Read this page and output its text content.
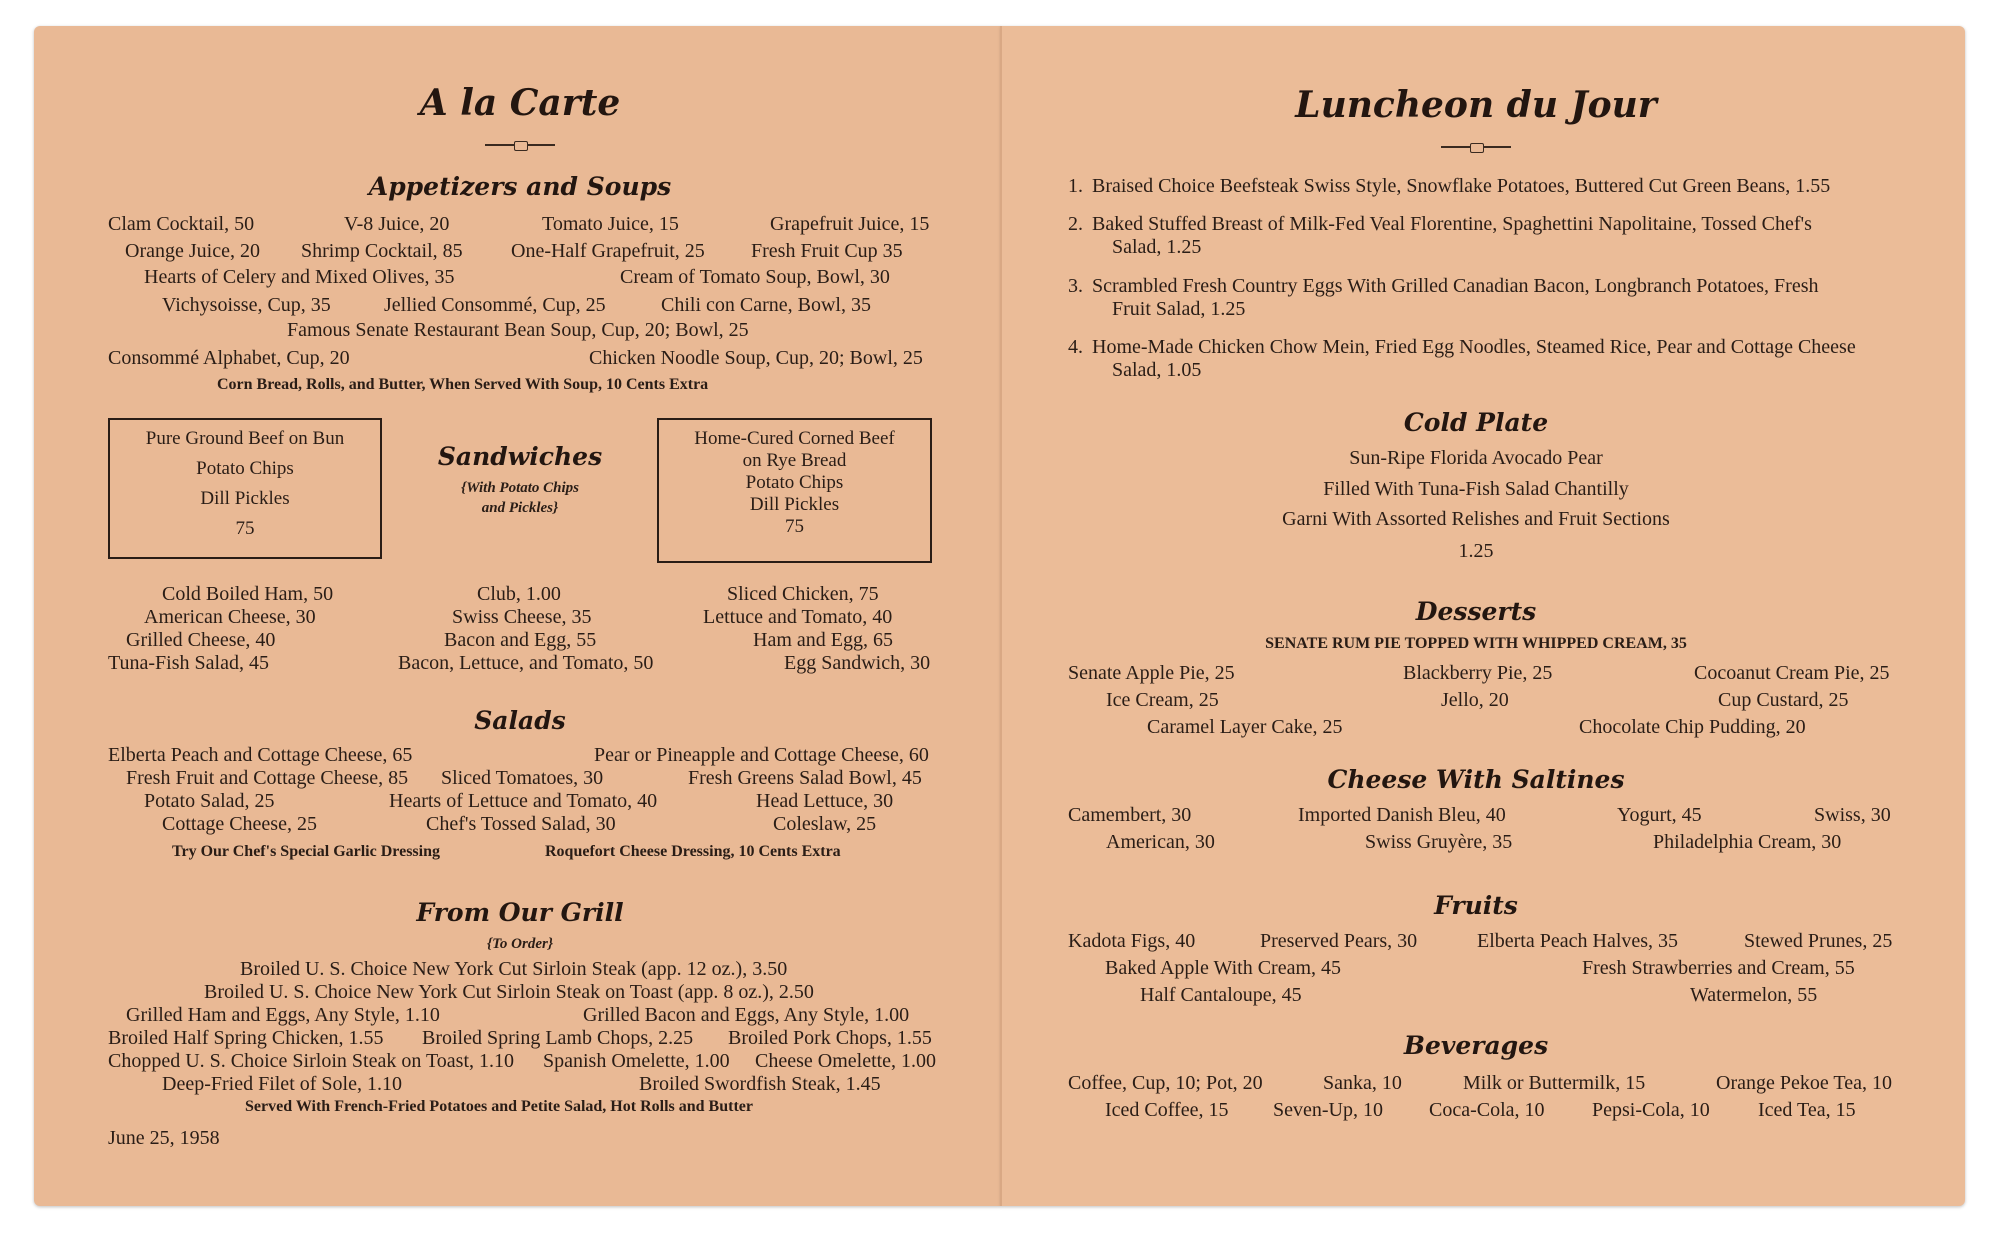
A la Carte
Appetizers and Soups
Clam Cocktail, 50	V-8 Juice, 20	Tomato Juice, 15	Grapefruit Juice, 15
Orange Juice, 20 Shrimp Cocktail, 85 One-Half Grapefruit, 25 Fresh Fruit Cup 35
Hearts of Celery and Mixed Olives, 35	Cream of Tomato Soup, Bowl, 30
Vichysoisse, Cup, 35	Jellied Consommé, Cup, 25	Chili con Carne, Bowl, 35
Famous Senate Restaurant Bean Soup, Cup, 20; Bowl, 25
Consommé Alphabet, Cup, 20	Chicken Noodle Soup, Cup, 20; Bowl, 25
Corn Bread, Rolls, and Butter, When Served With Soup, 10 Cents Extra
Pure Ground Beef on Bun
Potato Chips
Dill Pickles
75
Home-Cured Corned Beef
on Rye Bread
Potato Chips
Dill Pickles
75
Sandwiches
{With Potato Chips
and Pickles}
Cold Boiled Ham, 50	Club, 1.00	Sliced Chicken, 75
American Cheese, 30	Swiss Cheese, 35	Lettuce and Tomato, 40
Grilled Cheese, 40	Bacon and Egg, 55	Ham and Egg, 65
Tuna-Fish Salad, 45	Bacon, Lettuce, and Tomato, 50	Egg Sandwich, 30
Salads
Elberta Peach and Cottage Cheese, 65	Pear or Pineapple and Cottage Cheese, 60
Fresh Fruit and Cottage Cheese, 85 Sliced Tomatoes, 30	Fresh Greens Salad Bowl, 45
Potato Salad, 25	Hearts of Lettuce and Tomato, 40	Head Lettuce, 30
Cottage Cheese, 25	Chef's Tossed Salad, 30	Coleslaw, 25
Try Our Chef's Special Garlic Dressing	Roquefort Cheese Dressing, 10 Cents Extra
From Our Grill
{To Order}
Broiled U. S. Choice New York Cut Sirloin Steak (app. 12 oz.), 3.50
Broiled U. S. Choice New York Cut Sirloin Steak on Toast (app. 8 oz.), 2.50
Grilled Ham and Eggs, Any Style, 1.10	Grilled Bacon and Eggs, Any Style, 1.00
Broiled Half Spring Chicken, 1.55 Broiled Spring Lamb Chops, 2.25 Broiled Pork Chops, 1.55
Chopped U. S. Choice Sirloin Steak on Toast, 1.10 Spanish Omelette, 1.00 Cheese Omelette, 1.00
Deep-Fried Filet of Sole, 1.10	Broiled Swordfish Steak, 1.45
Served With French-Fried Potatoes and Petite Salad, Hot Rolls and Butter
June 25, 1958
Luncheon du Jour
1. Braised Choice Beefsteak Swiss Style, Snowflake Potatoes, Buttered Cut Green Beans, 1.55
2. Baked Stuffed Breast of Milk-Fed Veal Florentine, Spaghettini Napolitaine, Tossed Chef's
Salad, 1.25
3. Scrambled Fresh Country Eggs With Grilled Canadian Bacon, Longbranch Potatoes, Fresh
Fruit Salad, 1.25
4. Home-Made Chicken Chow Mein, Fried Egg Noodles, Steamed Rice, Pear and Cottage Cheese
Salad, 1.05
Cold Plate
Sun-Ripe Florida Avocado Pear
Filled With Tuna-Fish Salad Chantilly
Garni With Assorted Relishes and Fruit Sections
1.25
Desserts
SENATE RUM PIE TOPPED WITH WHIPPED CREAM, 35
Senate Apple Pie, 25	Blackberry Pie, 25	Cocoanut Cream Pie, 25
Ice Cream, 25	Jello, 20	Cup Custard, 25
Caramel Layer Cake, 25	Chocolate Chip Pudding, 20
Cheese With Saltines
Camembert, 30	Imported Danish Bleu, 40	Yogurt, 45	Swiss, 30
American, 30	Swiss Gruyère, 35	Philadelphia Cream, 30
Fruits
Kadota Figs, 40	Preserved Pears, 30	Elberta Peach Halves, 35	Stewed Prunes, 25
Baked Apple With Cream, 45	Fresh Strawberries and Cream, 55
Half Cantaloupe, 45	Watermelon, 55
Beverages
Coffee, Cup, 10; Pot, 20	Sanka, 10	Milk or Buttermilk, 15	Orange Pekoe Tea, 10
Iced Coffee, 15 Seven-Up, 10 Coca-Cola, 10 Pepsi-Cola, 10 Iced Tea, 15
